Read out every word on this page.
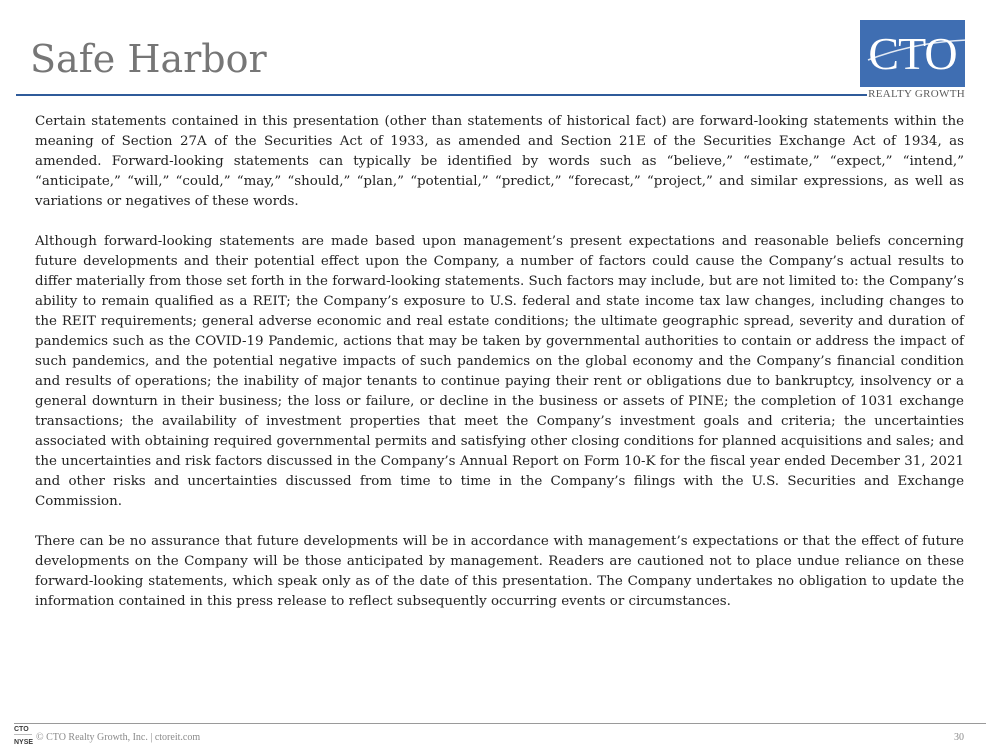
Safe Harbor	CTO
REALTY GROWTH

Certain statements contained in this presentation (other than statements of historical fact) are forward-looking statements within the meaning of Section 27A of the Securities Act of 1933, as amended and Section 21E of the Securities Exchange Act of 1934, as amended. Forward-looking statements can typically be identified by words such as “believe,” “estimate,” “expect,” “intend,” “anticipate,” “will,” “could,” “may,” “should,” “plan,” “potential,” “predict,” “forecast,” “project,” and similar expressions, as well as variations or negatives of these words.

Although forward-looking statements are made based upon management’s present expectations and reasonable beliefs concerning future developments and their potential effect upon the Company, a number of factors could cause the Company’s actual results to differ materially from those set forth in the forward-looking statements. Such factors may include, but are not limited to: the Company’s ability to remain qualified as a REIT; the Company’s exposure to U.S. federal and state income tax law changes, including changes to the REIT requirements; general adverse economic and real estate conditions; the ultimate geographic spread, severity and duration of pandemics such as the COVID-19 Pandemic, actions that may be taken by governmental authorities to contain or address the impact of such pandemics, and the potential negative impacts of such pandemics on the global economy and the Company’s financial condition and results of operations; the inability of major tenants to continue paying their rent or obligations due to bankruptcy, insolvency or a general downturn in their business; the loss or failure, or decline in the business or assets of PINE; the completion of 1031 exchange transactions; the availability of investment properties that meet the Company’s investment goals and criteria; the uncertainties associated with obtaining required governmental permits and satisfying other closing conditions for planned acquisitions and sales; and the uncertainties and risk factors discussed in the Company’s Annual Report on Form 10-K for the fiscal year ended December 31, 2021 and other risks and uncertainties discussed from time to time in the Company’s filings with the U.S. Securities and Exchange Commission.

There can be no assurance that future developments will be in accordance with management’s expectations or that the effect of future developments on the Company will be those anticipated by management. Readers are cautioned not to place undue reliance on these forward-looking statements, which speak only as of the date of this presentation. The Company undertakes no obligation to update the information contained in this press release to reflect subsequently occurring events or circumstances.

CTO
NYSE © CTO Realty Growth, Inc. | ctoreit.com	30
